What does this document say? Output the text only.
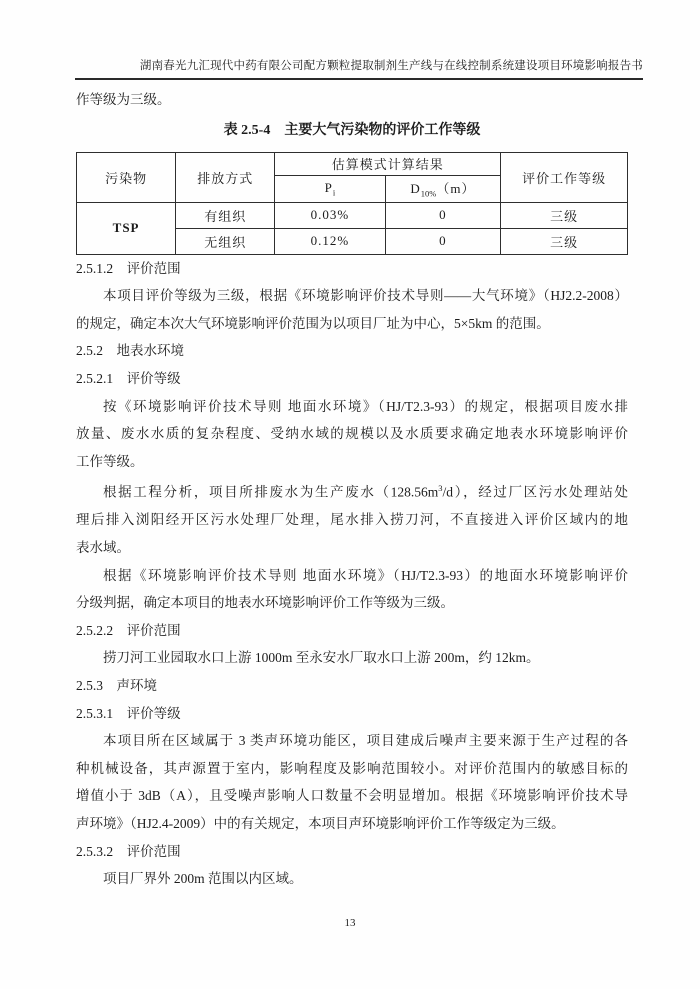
湖南春光九汇现代中药有限公司配方颗粒提取制剂生产线与在线控制系统建设项目环境影响报告书

作等级为三级。

表 2.5-4　主要大气污染物的评价工作等级
污染物	排放方式	估算模式计算结果		评价工作等级
		$P_i$	$D_{10\%}(m)$	
TSP	有组织	0.03%	0	三级
	无组织	0.12%	0	三级

2.5.1.2　评价范围

本项目评价等级为三级，根据《环境影响评价技术导则——大气环境》（HJ2.2-2008）

的规定，确定本次大气环境影响评价范围为以项目厂址为中心，5×5km 的范围。

2.5.2　地表水环境

2.5.2.1　评价等级

按《环境影响评价技术导则 地面水环境》（HJ/T2.3-93）的规定，根据项目废水排

放量、废水水质的复杂程度、受纳水域的规模以及水质要求确定地表水环境影响评价

工作等级。

根据工程分析，项目所排废水为生产废水$(128.56m^3/d)$，经过厂区污水处理站处

理后排入浏阳经开区污水处理厂处理，尾水排入捞刀河，不直接进入评价区域内的地

表水域。

根据《环境影响评价技术导则 地面水环境》（HJ/T2.3-93）的地面水环境影响评价

分级判据，确定本项目的地表水环境影响评价工作等级为三级。

2.5.2.2　评价范围

捞刀河工业园取水口上游 1000m 至永安水厂取水口上游 200m，约 12km。

2.5.3　声环境

2.5.3.1　评价等级

本项目所在区域属于 3 类声环境功能区，项目建成后噪声主要来源于生产过程的各

种机械设备，其声源置于室内，影响程度及影响范围较小。对评价范围内的敏感目标的

增值小于 3dB（A），且受噪声影响人口数量不会明显增加。根据《环境影响评价技术导

声环境》（HJ2.4-2009）中的有关规定，本项目声环境影响评价工作等级定为三级。

2.5.3.2　评价范围

项目厂界外 200m 范围以内区域。

13
